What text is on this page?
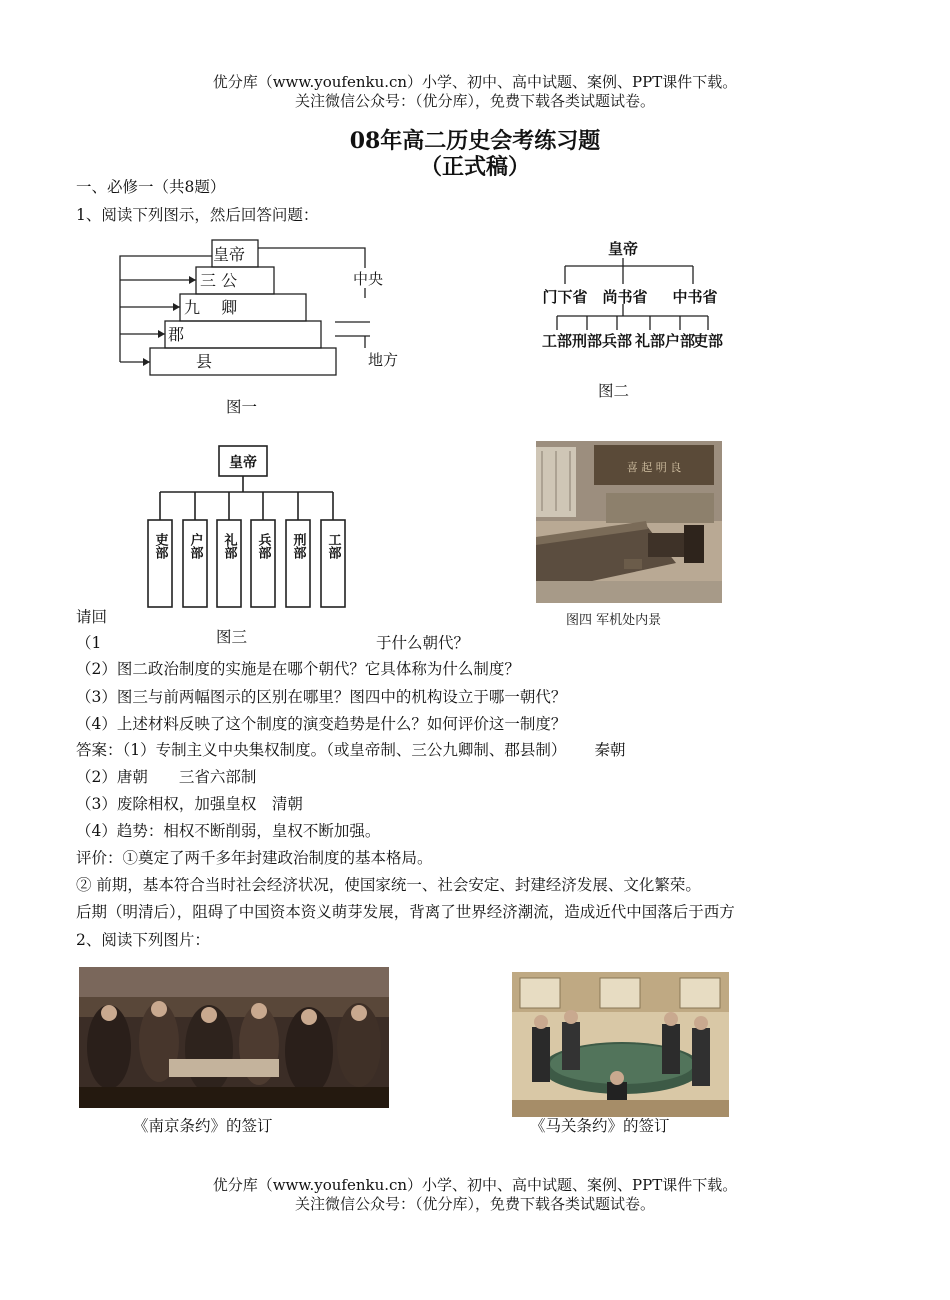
优分库（www.youfenku.cn）小学、初中、高中试题、案例、PPT课件下载。
关注微信公众号：（优分库），免费下载各类试题试卷。
08年高二历史会考练习题
（正式稿）
一、必修一（共8题）
1、阅读下列图示，然后回答问题：
皇帝
三 公
九　 卿
郡
县
中央
地方
图一
皇帝
门下省 尚书省 中书省
工部 刑部 兵部 礼部 户部
吏部
图二
皇帝
吏部 户部 礼部 兵部 刑部 工部
喜 起 明 良
图四 军机处内景
请回
图三
（1	于什么朝代？
（2）图二政治制度的实施是在哪个朝代？它具体称为什么制度？
（3）图三与前两幅图示的区别在哪里？图四中的机构设立于哪一朝代？
（4）上述材料反映了这个制度的演变趋势是什么？如何评价这一制度？
答案：（1）专制主义中央集权制度。（或皇帝制、三公九卿制、郡县制）　　 秦朝
（2）唐朝　　三省六部制
（3）废除相权，加强皇权　清朝
（4）趋势：相权不断削弱，皇权不断加强。
评价：①奠定了两千多年封建政治制度的基本格局。
② 前期，基本符合当时社会经济状况，使国家统一、社会安定、封建经济发展、文化繁荣。
后期（明清后），阻碍了中国资本资义萌芽发展，背离了世界经济潮流，造成近代中国落后于西方
2、阅读下列图片：
《南京条约》的签订	《马关条约》的签订
优分库（www.youfenku.cn）小学、初中、高中试题、案例、PPT课件下载。
关注微信公众号：（优分库），免费下载各类试题试卷。
